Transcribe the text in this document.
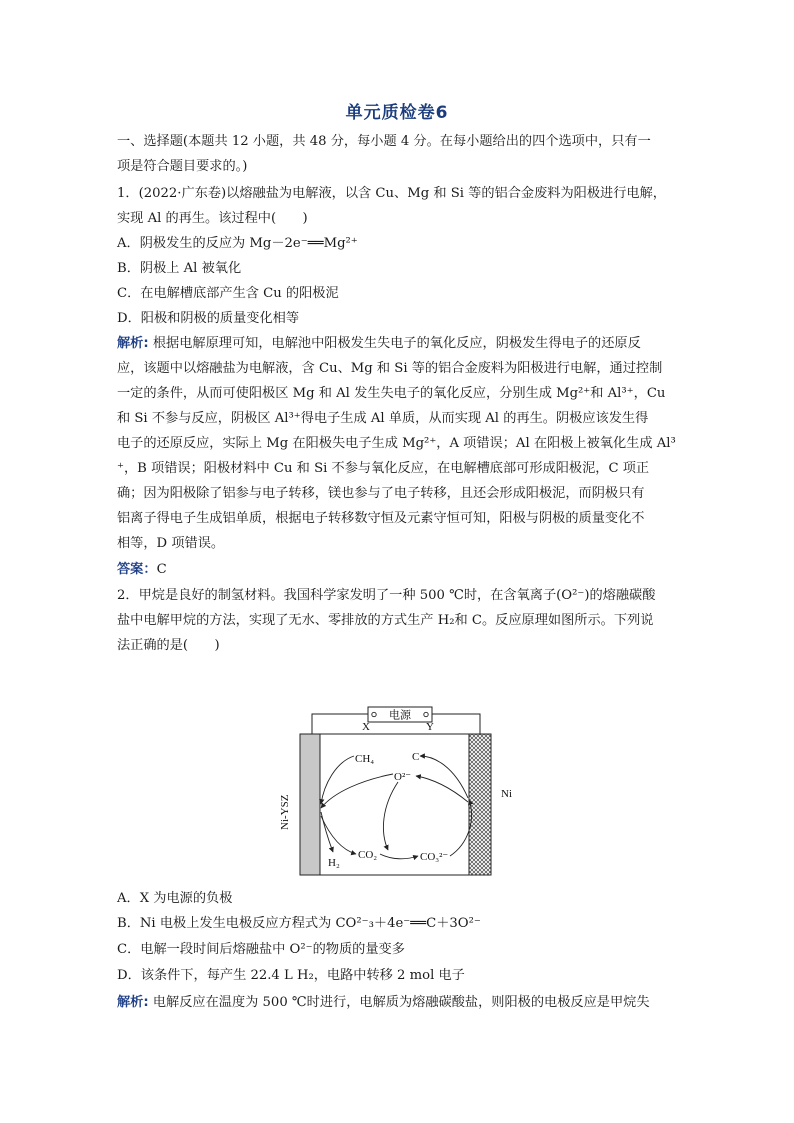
单元质检卷6
一、选择题(本题共 12 小题，共 48 分，每小题 4 分。在每小题给出的四个选项中，只有一
项是符合题目要求的。)
1．(2022·广东卷)以熔融盐为电解液，以含 Cu、Mg 和 Si 等的铝合金废料为阳极进行电解，
实现 Al 的再生。该过程中(　　)
A．阴极发生的反应为 Mg－2e⁻══Mg²⁺
B．阴极上 Al 被氧化
C．在电解槽底部产生含 Cu 的阳极泥
D．阳极和阴极的质量变化相等
解析: 根据电解原理可知，电解池中阳极发生失电子的氧化反应，阴极发生得电子的还原反
应，该题中以熔融盐为电解液，含 Cu、Mg 和 Si 等的铝合金废料为阳极进行电解，通过控制
一定的条件，从而可使阳极区 Mg 和 Al 发生失电子的氧化反应，分别生成 Mg²⁺和 Al³⁺，Cu
和 Si 不参与反应，阴极区 Al³⁺得电子生成 Al 单质，从而实现 Al 的再生。阴极应该发生得
电子的还原反应，实际上 Mg 在阳极失电子生成 Mg²⁺，A 项错误；Al 在阳极上被氧化生成 Al³
⁺，B 项错误；阳极材料中 Cu 和 Si 不参与氧化反应，在电解槽底部可形成阳极泥，C 项正
确；因为阳极除了铝参与电子转移，镁也参与了电子转移，且还会形成阳极泥，而阴极只有
铝离子得电子生成铝单质，根据电子转移数守恒及元素守恒可知，阳极与阴极的质量变化不
相等，D 项错误。
答案：C
2．甲烷是良好的制氢材料。我国科学家发明了一种 500 ℃时，在含氧离子(O²⁻)的熔融碳酸
盐中电解甲烷的方法，实现了无水、零排放的方式生产 H₂和 C。反应原理如图所示。下列说
法正确的是(　　)
电源
X	Y
Ni-YSZ
Ni
CH₄	C
O²⁻
H₂
CO₂	CO₃²⁻
A．X 为电源的负极
B．Ni 电极上发生电极反应方程式为 CO²⁻₃＋4e⁻══C＋3O²⁻
C．电解一段时间后熔融盐中 O²⁻的物质的量变多
D．该条件下，每产生 22.4 L H₂，电路中转移 2 mol 电子
解析: 电解反应在温度为 500 ℃时进行，电解质为熔融碳酸盐，则阳极的电极反应是甲烷失
